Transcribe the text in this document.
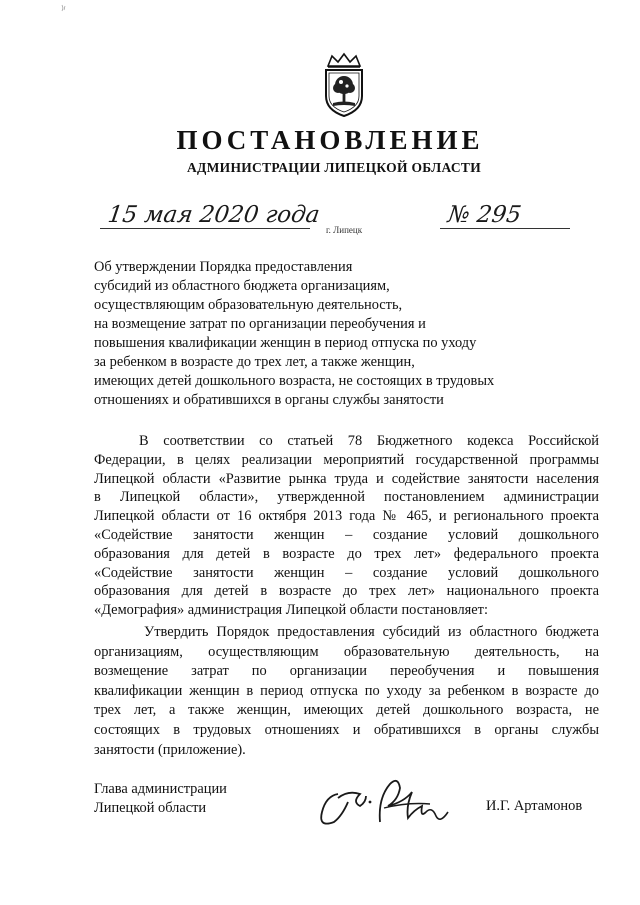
ПОСТАНОВЛЕНИЕ
АДМИНИСТРАЦИИ ЛИПЕЦКОЙ ОБЛАСТИ
15 мая 2020 года
г. Липецк
№ 295
Об утверждении Порядка предоставления
субсидий из областного бюджета организациям,
осуществляющим образовательную деятельность,
на возмещение затрат по организации переобучения и
повышения квалификации женщин в период отпуска по уходу
за ребенком в возрасте до трех лет, а также женщин,
имеющих детей дошкольного возраста, не состоящих в трудовых
отношениях и обратившихся в органы службы занятости
В соответствии со статьей 78 Бюджетного кодекса Российской
Федерации, в целях реализации мероприятий государственной программы
Липецкой области «Развитие рынка труда и содействие занятости населения
в Липецкой области», утвержденной постановлением администрации
Липецкой области от 16 октября 2013 года № 465, и регионального проекта
«Содействие занятости женщин – создание условий дошкольного
образования для детей в возрасте до трех лет» федерального проекта
«Содействие занятости женщин – создание условий дошкольного
образования для детей в возрасте до трех лет» национального проекта
«Демография» администрация Липецкой области постановляет:
Утвердить Порядок предоставления субсидий из областного бюджета
организациям, осуществляющим образовательную деятельность, на
возмещение затрат по организации переобучения и повышения
квалификации женщин в период отпуска по уходу за ребенком в возрасте до
трех лет, а также женщин, имеющих детей дошкольного возраста, не
состоящих в трудовых отношениях и обратившихся в органы службы
занятости (приложение).
Глава администрации
Липецкой области	И.Г. Артамонов
